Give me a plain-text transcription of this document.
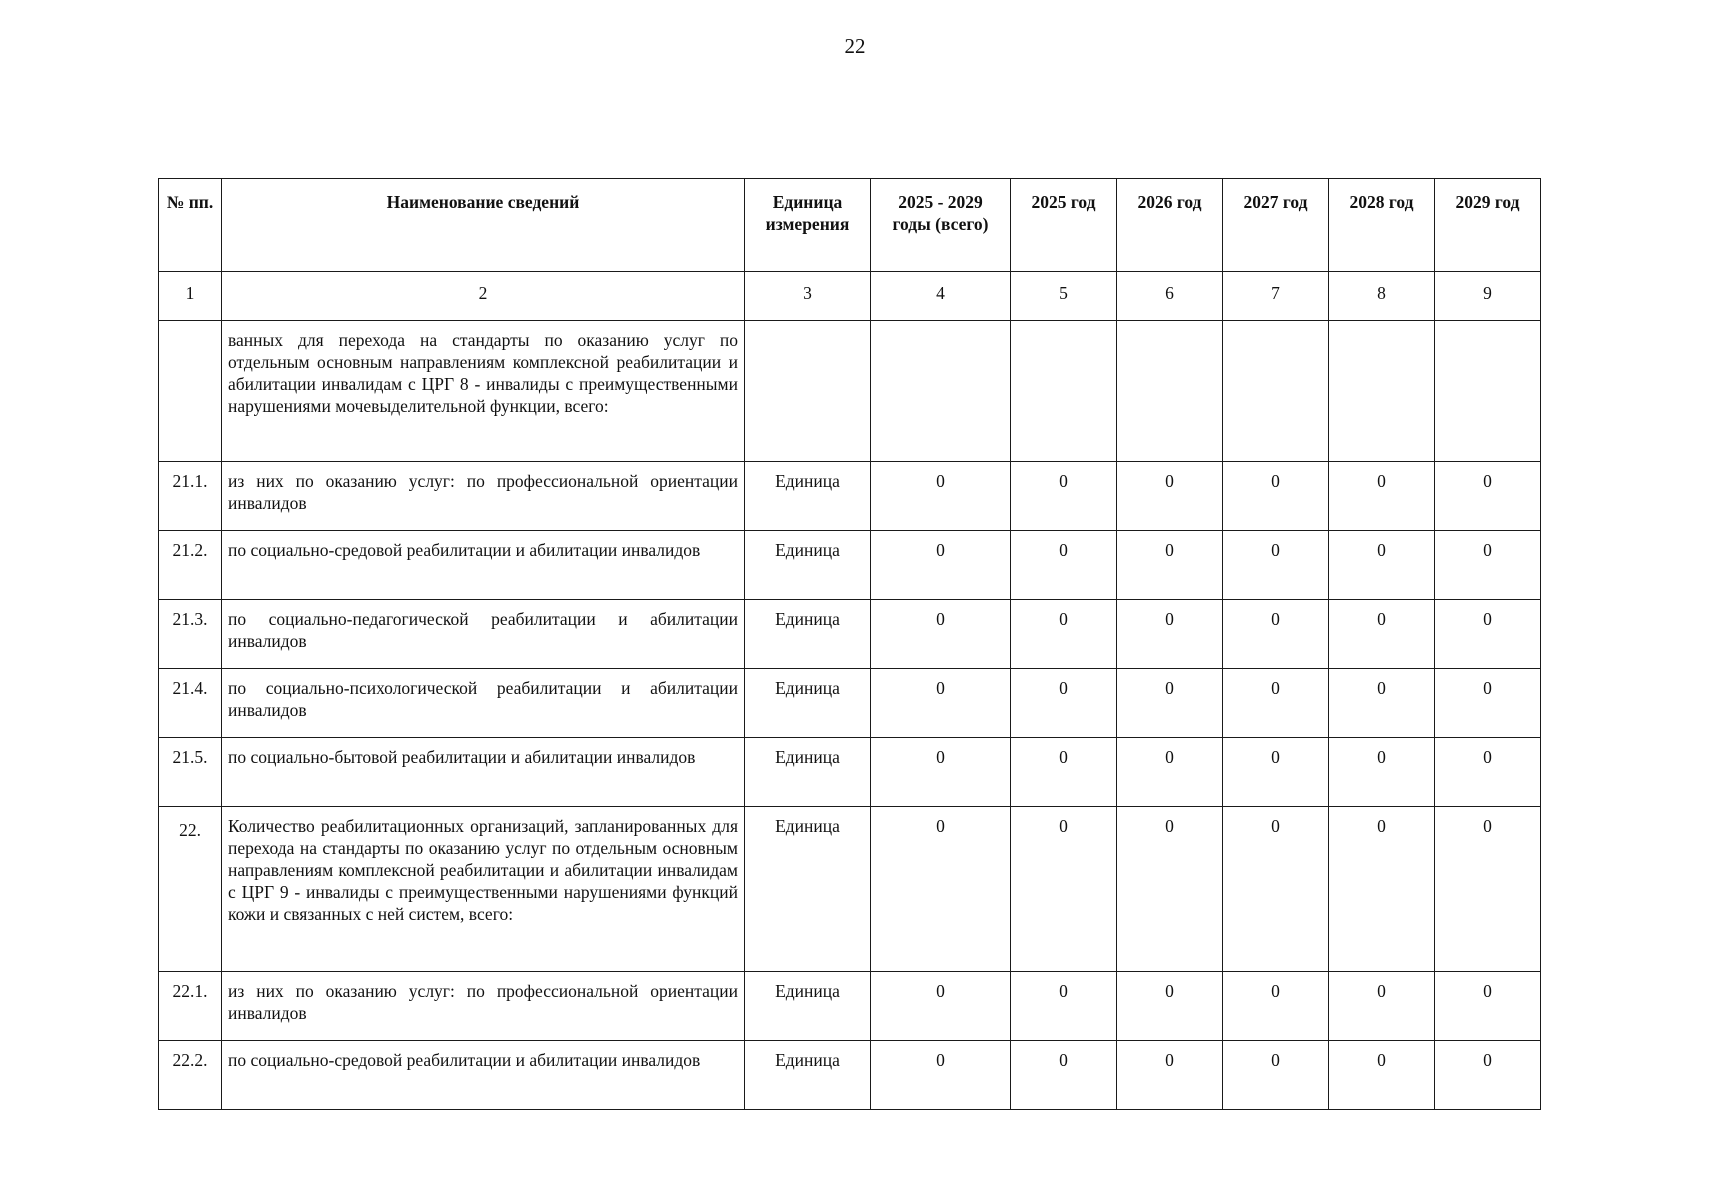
22
№ пп.	Наименование сведений	Единица измерения	2025 - 2029 годы (всего)	2025 год	2026 год	2027 год	2028 год	2029 год
1	2	3	4	5	6	7	8	9
	ванных для перехода на стандарты по оказанию услуг по отдельным основным направлениям комплексной реабилитации и абилитации инвалидам с ЦРГ 8 - инвалиды с преимущественными нарушениями мочевыделительной функции, всего:							
21.1.	из них по оказанию услуг: по профессиональной ориентации инвалидов	Единица	0	0	0	0	0	0
21.2.	по социально-средовой реабилитации и абилитации инвалидов	Единица	0	0	0	0	0	0
21.3.	по социально-педагогической реабилитации и абилитации инвалидов	Единица	0	0	0	0	0	0
21.4.	по социально-психологической реабилитации и абилитации инвалидов	Единица	0	0	0	0	0	0
21.5.	по социально-бытовой реабилитации и абилитации инвалидов	Единица	0	0	0	0	0	0
22.	Количество реабилитационных организаций, запланированных для перехода на стандарты по оказанию услуг по отдельным основным направлениям комплексной реабилитации и абилитации инвалидам с ЦРГ 9 - инвалиды с преимущественными нарушениями функций кожи и связанных с ней систем, всего:	Единица	0	0	0	0	0	0
22.1.	из них по оказанию услуг: по профессиональной ориентации инвалидов	Единица	0	0	0	0	0	0
22.2.	по социально-средовой реабилитации и абилитации инвалидов	Единица	0	0	0	0	0	0
